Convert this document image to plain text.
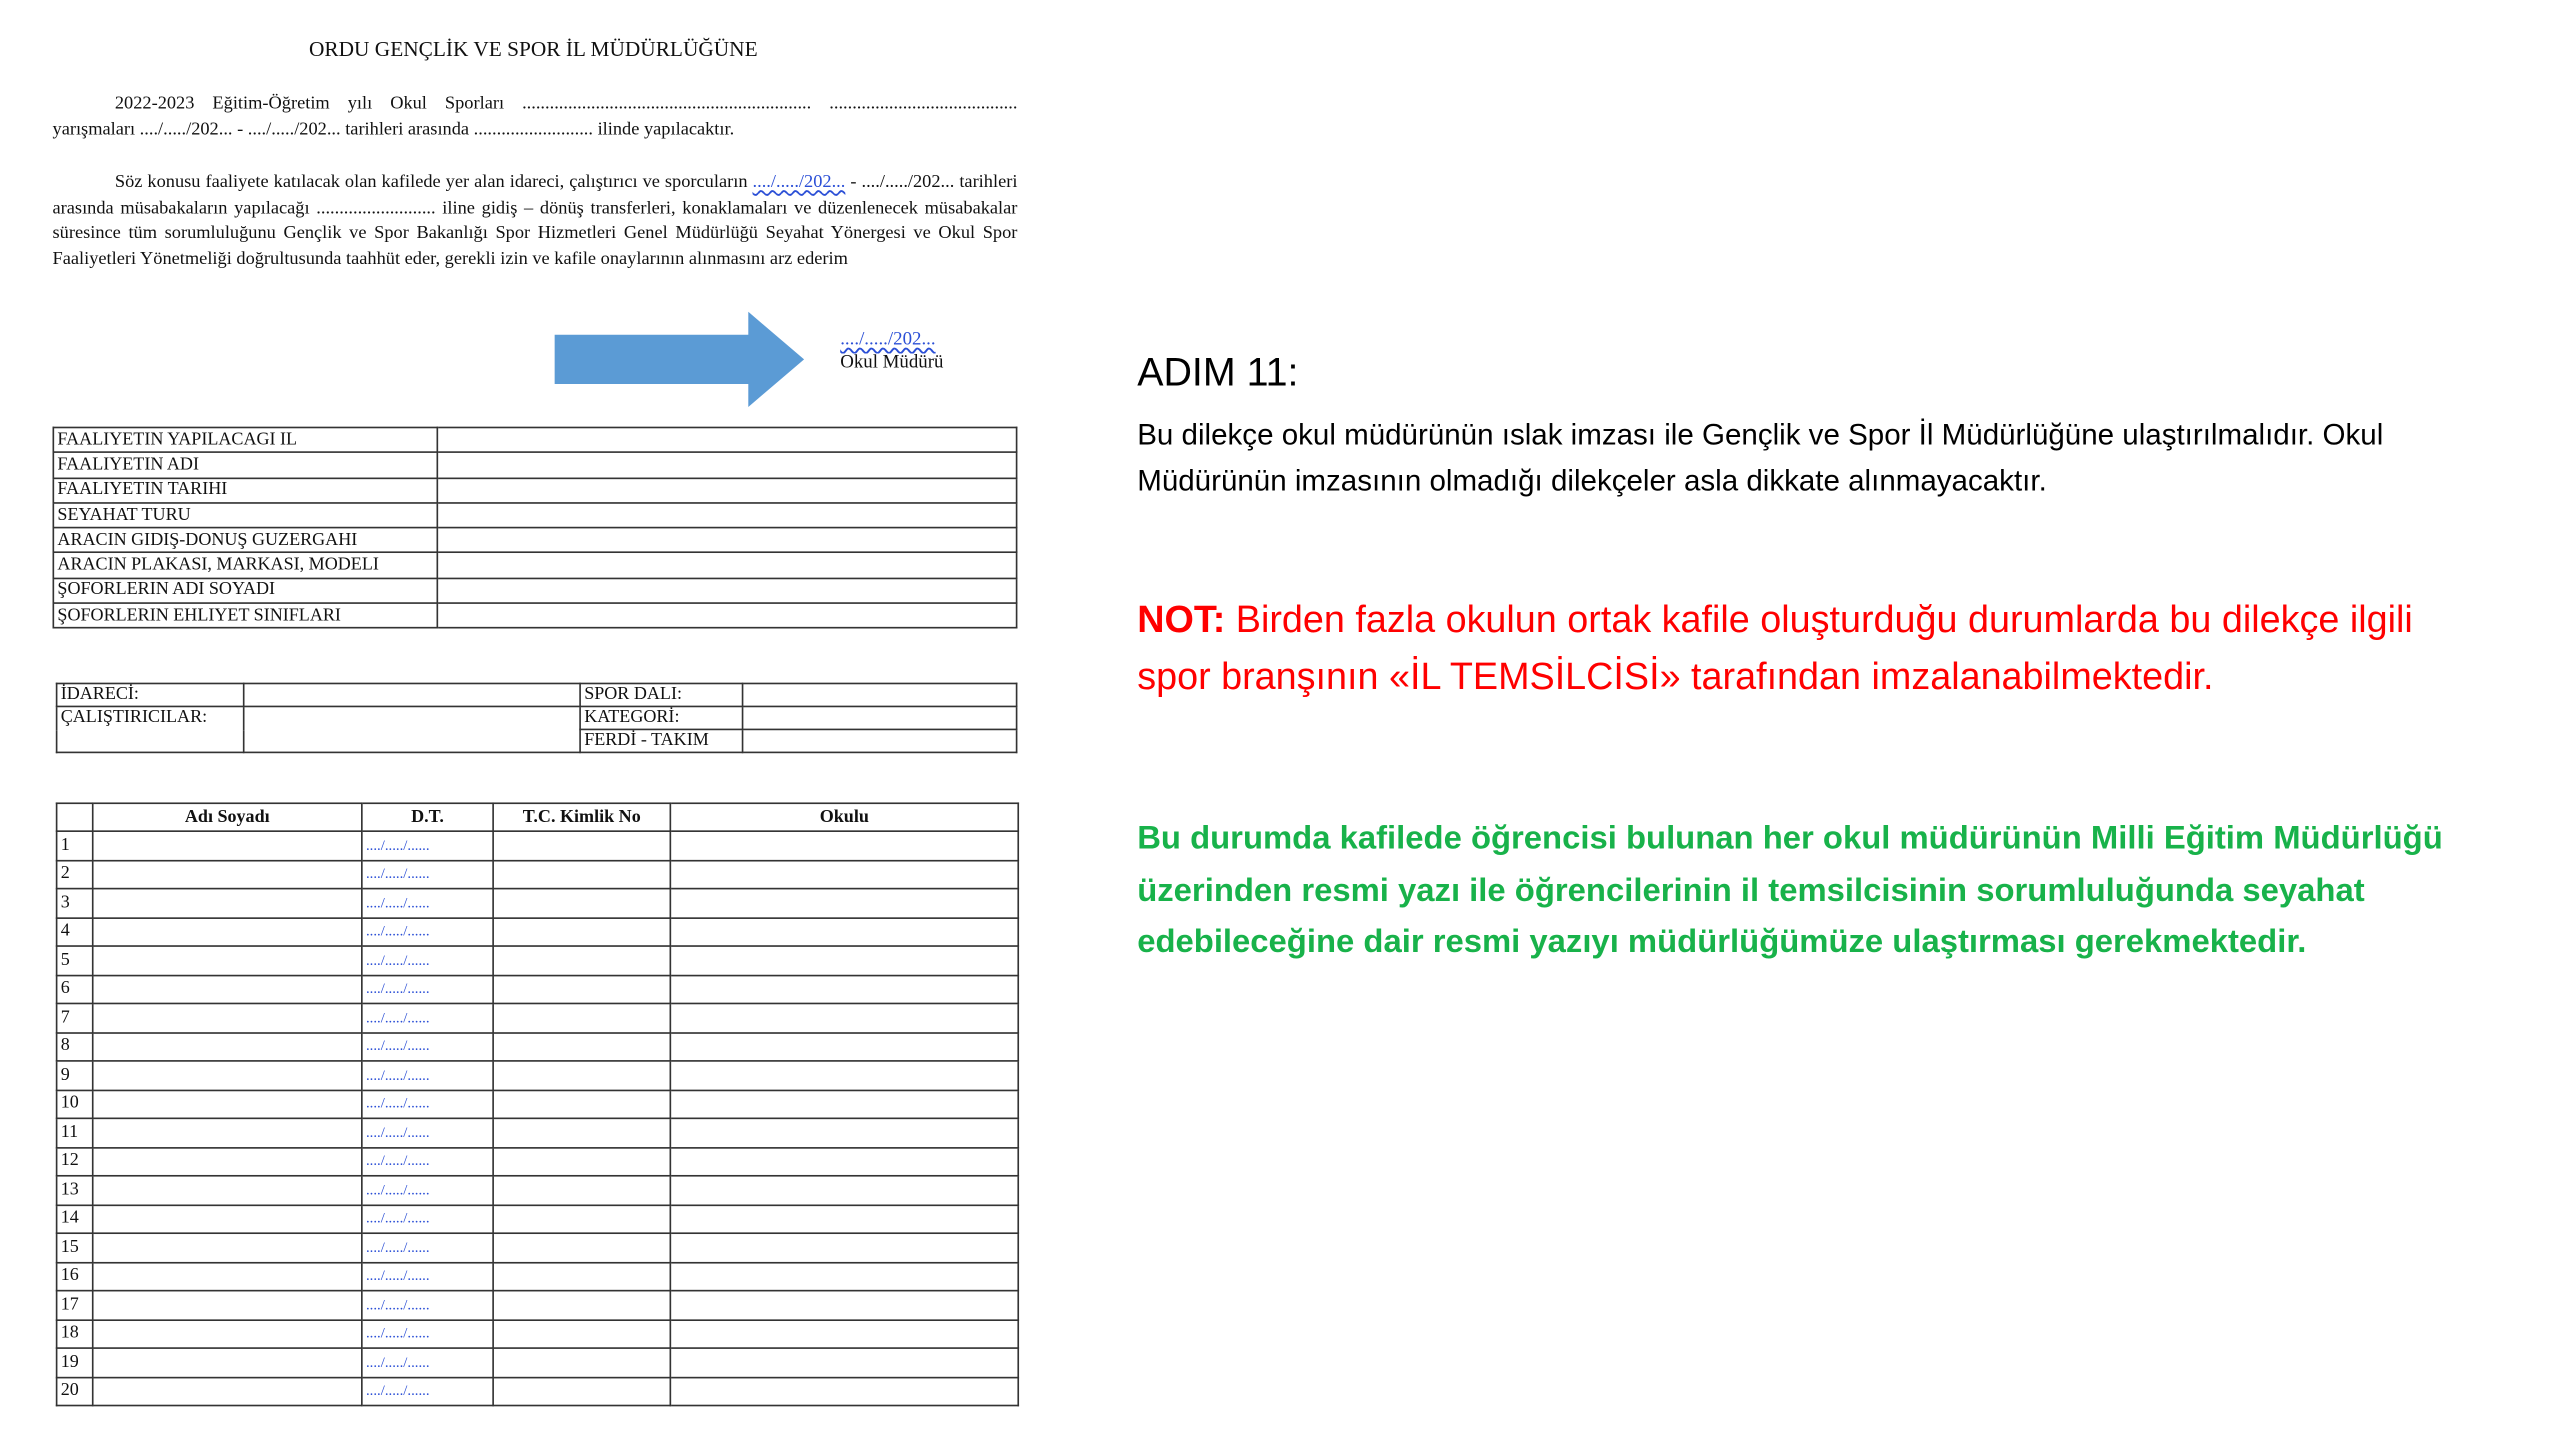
ORDU GENÇLİK VE SPOR İL MÜDÜRLÜĞÜNE
2022-2023 Eğitim-Öğretim yılı Okul Sporları ............................................................... ......................................... yarışmaları ..../...../202... - ..../...../202... tarihleri arasında .......................... ilinde yapılacaktır.
Söz konusu faaliyete katılacak olan kafilede yer alan idareci, çalıştırıcı ve sporcuların ..../...../202... - ..../...../202... tarihleri arasında müsabakaların yapılacağı .......................... iline gidiş – dönüş transferleri, konaklamaları ve düzenlenecek müsabakalar süresince tüm sorumluluğunu Gençlik ve Spor Bakanlığı Spor Hizmetleri Genel Müdürlüğü Seyahat Yönergesi ve Okul Spor Faaliyetleri Yönetmeliği doğrultusunda taahhüt eder, gerekli izin ve kafile onaylarının alınmasını arz ederim
..../...../202...
Okul Müdürü
FAALIYETIN YAPILACAGI IL	
FAALIYETIN ADI	
FAALIYETIN TARIHI	
SEYAHAT TURU	
ARACIN GIDIŞ-DONUŞ GUZERGAHI	
ARACIN PLAKASI, MARKASI, MODELI	
ŞOFORLERIN ADI SOYADI	
ŞOFORLERIN EHLIYET SINIFLARI	
İDARECİ:		SPOR DALI:	
ÇALIŞTIRICILAR:		KATEGORİ:	
		FERDİ - TAKIM	
	Adı Soyadı	D.T.	T.C. Kimlik No	Okulu
1		..../...../......		
2		..../...../......		
3		..../...../......		
4		..../...../......		
5		..../...../......		
6		..../...../......		
7		..../...../......		
8		..../...../......		
9		..../...../......		
10		..../...../......		
11		..../...../......		
12		..../...../......		
13		..../...../......		
14		..../...../......		
15		..../...../......		
16		..../...../......		
17		..../...../......		
18		..../...../......		
19		..../...../......		
20		..../...../......		
ADIM 11:
Bu dilekçe okul müdürünün ıslak imzası ile Gençlik ve Spor İl Müdürlüğüne ulaştırılmalıdır. Okul Müdürünün imzasının olmadığı dilekçeler asla dikkate alınmayacaktır.
NOT: Birden fazla okulun ortak kafile oluşturduğu durumlarda bu dilekçe ilgili spor branşının «İL TEMSİLCİSİ» tarafından imzalanabilmektedir.
Bu durumda kafilede öğrencisi bulunan her okul müdürünün Milli Eğitim Müdürlüğü üzerinden resmi yazı ile öğrencilerinin il temsilcisinin sorumluluğunda seyahat edebileceğine dair resmi yazıyı müdürlüğümüze ulaştırması gerekmektedir.
